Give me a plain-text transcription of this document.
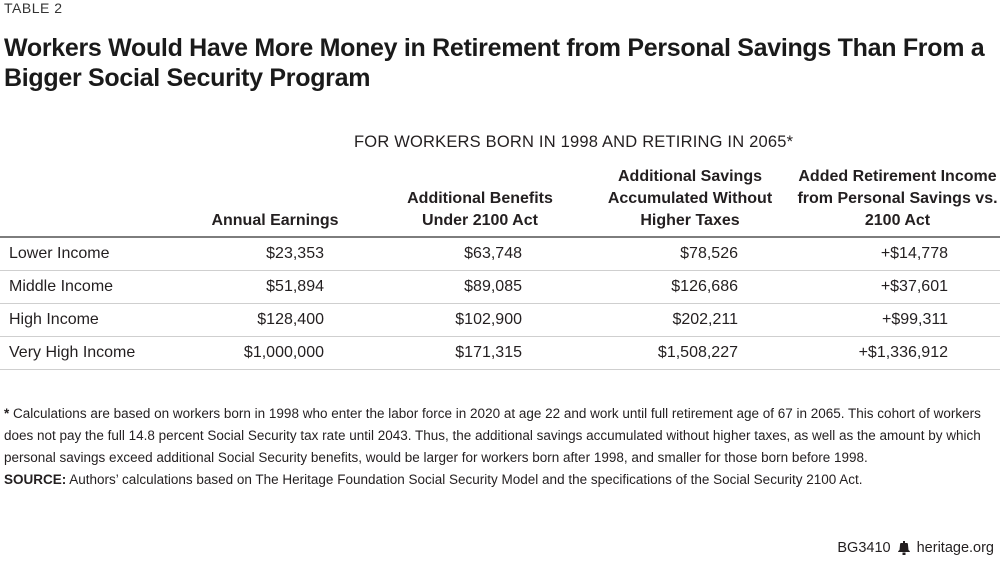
TABLE 2
Workers Would Have More Money in Retirement from Personal Savings Than From a Bigger Social Security Program
FOR WORKERS BORN IN 1998 AND RETIRING IN 2065*
Annual Earnings
Additional Benefits Under 2100 Act
Additional Savings Accumulated Without Higher Taxes
Added Retirement Income from Personal Savings vs. 2100 Act
Lower Income	$23,353	$63,748	$78,526	+$14,778
Middle Income	$51,894	$89,085	$126,686	+$37,601
High Income	$128,400	$102,900	$202,211	+$99,311
Very High Income	$1,000,000	$171,315	$1,508,227	+$1,336,912
* Calculations are based on workers born in 1998 who enter the labor force in 2020 at age 22 and work until full retirement age of 67 in 2065. This cohort of workers does not pay the full 14.8 percent Social Security tax rate until 2043. Thus, the additional savings accumulated without higher taxes, as well as the amount by which personal savings exceed additional Social Security benefits, would be larger for workers born after 1998, and smaller for those born before 1998.
SOURCE: Authors’ calculations based on The Heritage Foundation Social Security Model and the specifications of the Social Security 2100 Act.
BG3410 heritage.org
